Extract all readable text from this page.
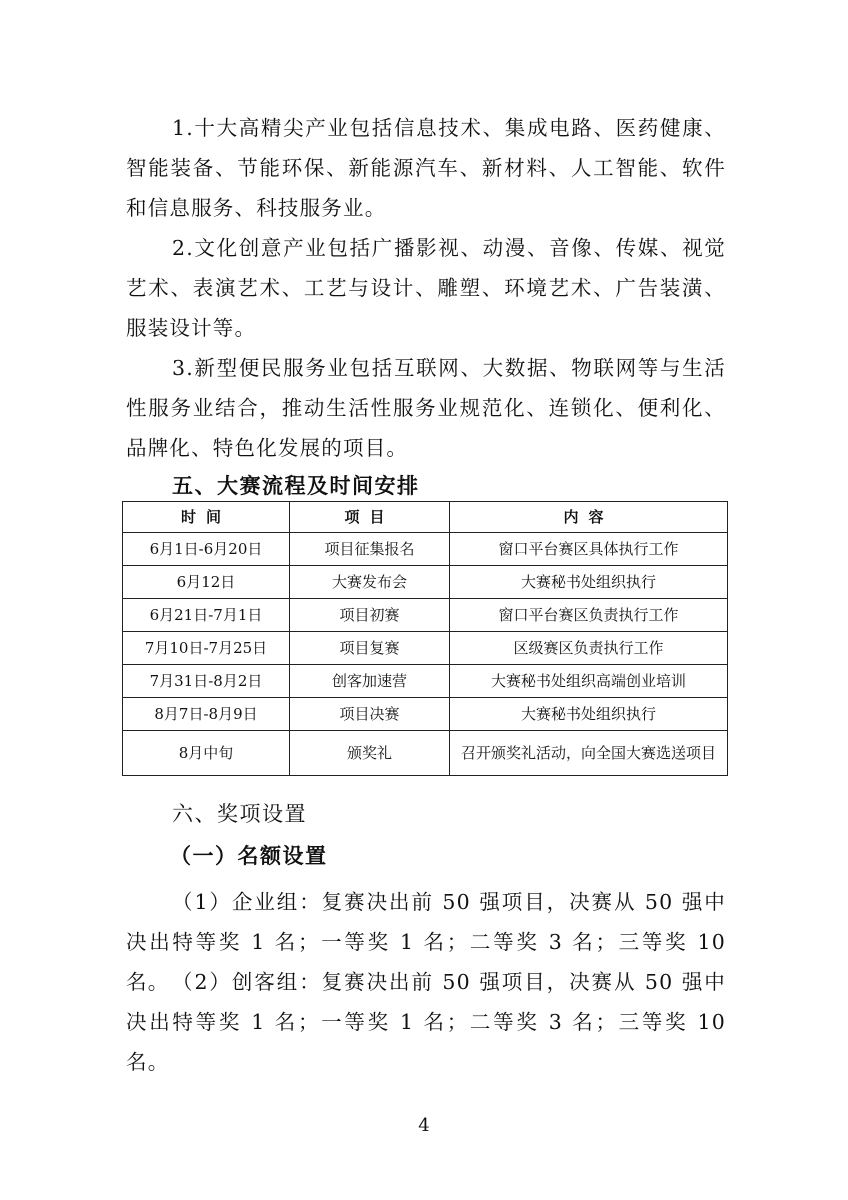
1.十大高精尖产业包括信息技术、集成电路、医药健康、智能装备、节能环保、新能源汽车、新材料、人工智能、软件和信息服务、科技服务业。

2.文化创意产业包括广播影视、动漫、音像、传媒、视觉艺术、表演艺术、工艺与设计、雕塑、环境艺术、广告装潢、服装设计等。

3.新型便民服务业包括互联网、大数据、物联网等与生活性服务业结合，推动生活性服务业规范化、连锁化、便利化、品牌化、特色化发展的项目。

五、大赛流程及时间安排
时间	项目	内容
6月1日-6月20日	项目征集报名	窗口平台赛区具体执行工作
6月12日	大赛发布会	大赛秘书处组织执行
6月21日-7月1日	项目初赛	窗口平台赛区负责执行工作
7月10日-7月25日	项目复赛	区级赛区负责执行工作
7月31日-8月2日	创客加速营	大赛秘书处组织高端创业培训
8月7日-8月9日	项目决赛	大赛秘书处组织执行
8月中旬	颁奖礼	召开颁奖礼活动，向全国大赛选送项目
六、奖项设置
（一）名额设置

（1）企业组：复赛决出前 50 强项目，决赛从 50 强中决出特等奖 1 名；一等奖 1 名；二等奖 3 名；三等奖 10 名。 （2）创客组：复赛决出前 50 强项目，决赛从 50 强中决出特等奖 1 名；一等奖 1 名；二等奖 3 名；三等奖 10 名。

4
